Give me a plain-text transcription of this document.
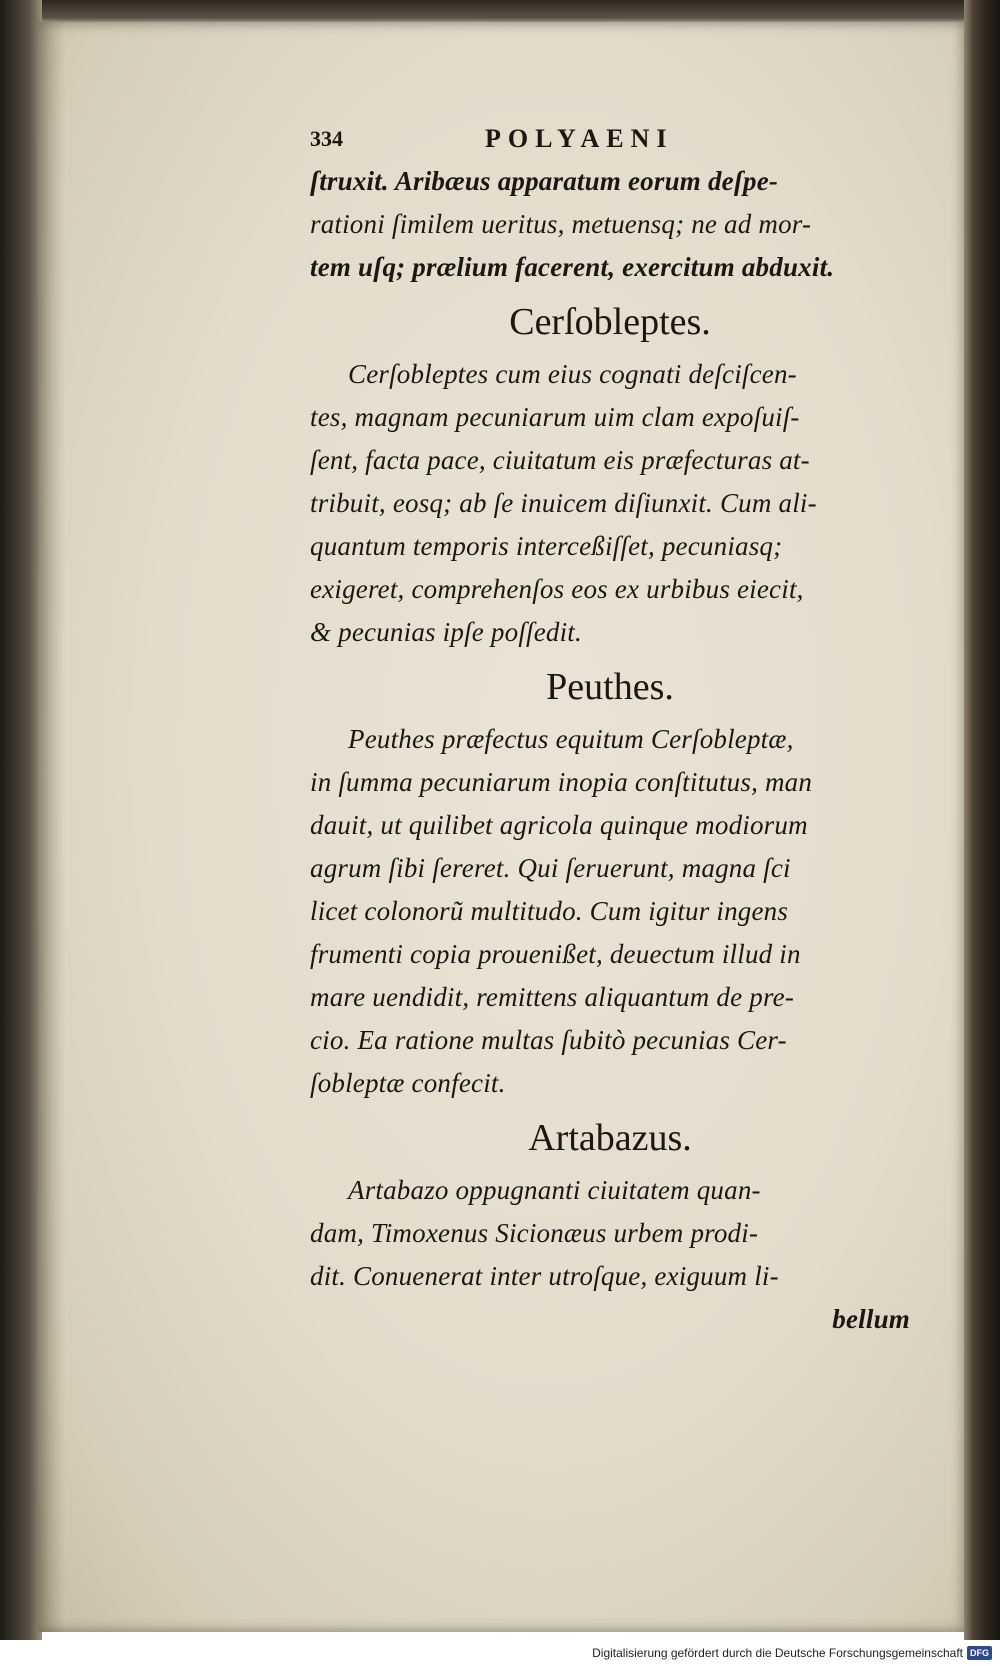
334	POLYAENI
ſtruxit. Aribæus apparatum eorum deſpe-
rationi ſimilem ueritus, metuensq; ne ad mor-
tem uſq; prælium facerent, exercitum abduxit.
Cerſobleptes.
Cerſobleptes cum eius cognati deſciſcen-
tes, magnam pecuniarum uim clam expoſuiſ-
ſent, facta pace, ciuitatum eis præfecturas at-
tribuit, eosq; ab ſe inuicem diſiunxit. Cum ali-
quantum temporis interceßiſſet, pecuniasq;
exigeret, comprehenſos eos ex urbibus eiecit,
& pecunias ipſe poſſedit.
Peuthes.
Peuthes præfectus equitum Cerſobleptæ,
in ſumma pecuniarum inopia conſtitutus, man
dauit, ut quilibet agricola quinque modiorum
agrum ſibi ſereret. Qui ſeruerunt, magna ſci
licet colonorũ multitudo. Cum igitur ingens
frumenti copia prouenißet, deuectum illud in
mare uendidit, remittens aliquantum de pre-
cio. Ea ratione multas ſubitò pecunias Cer-
ſobleptæ confecit.
Artabazus.
Artabazo oppugnanti ciuitatem quan-
dam, Timoxenus Sicionæus urbem prodi-
dit. Conuenerat inter utroſque, exiguum li-
bellum
Digitalisierung gefördert durch die Deutsche Forschungsgemeinschaft DFG
